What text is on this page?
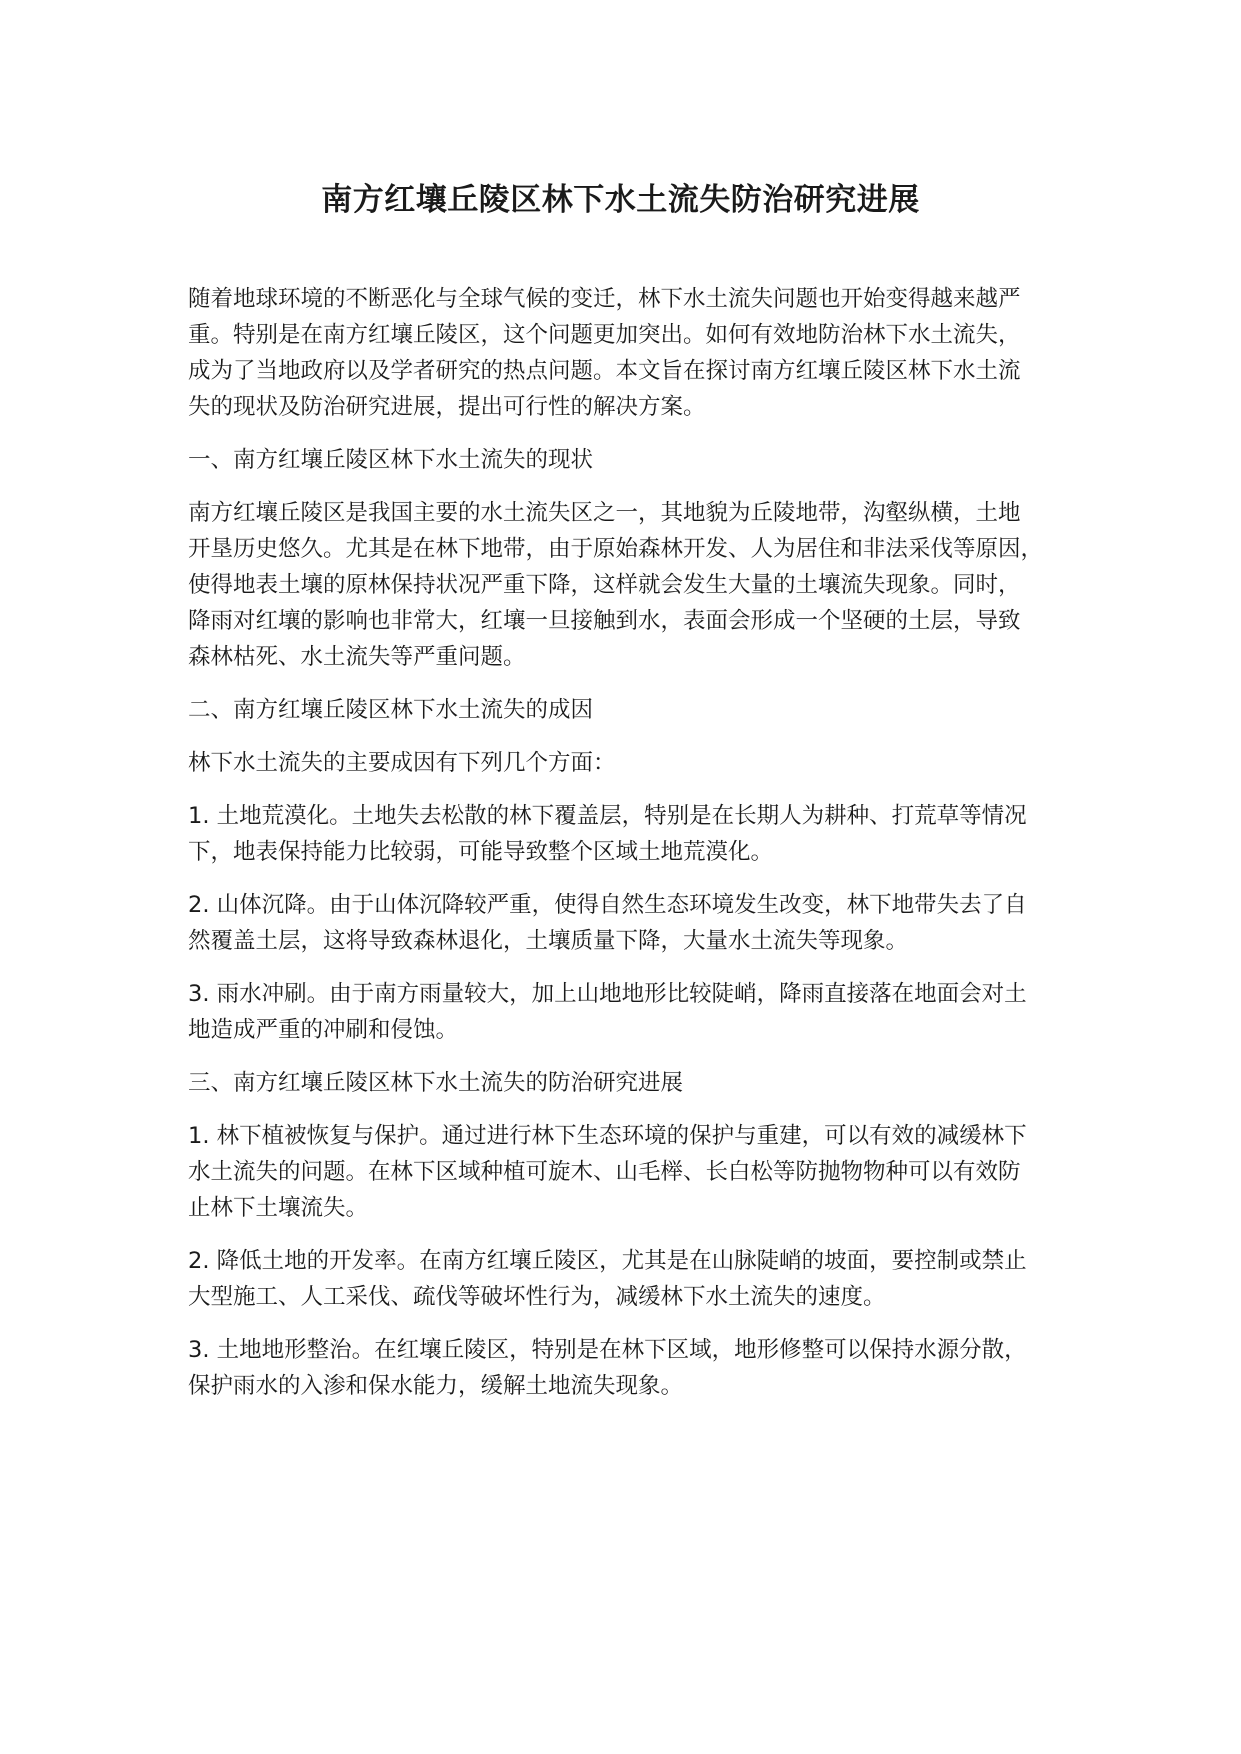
南方红壤丘陵区林下水土流失防治研究进展
随着地球环境的不断恶化与全球气候的变迁，林下水土流失问题也开始变得越来越严
重。特别是在南方红壤丘陵区，这个问题更加突出。如何有效地防治林下水土流失，
成为了当地政府以及学者研究的热点问题。本文旨在探讨南方红壤丘陵区林下水土流
失的现状及防治研究进展，提出可行性的解决方案。
一、南方红壤丘陵区林下水土流失的现状
南方红壤丘陵区是我国主要的水土流失区之一，其地貌为丘陵地带，沟壑纵横，土地
开垦历史悠久。尤其是在林下地带，由于原始森林开发、人为居住和非法采伐等原因，
使得地表土壤的原林保持状况严重下降，这样就会发生大量的土壤流失现象。同时，
降雨对红壤的影响也非常大，红壤一旦接触到水，表面会形成一个坚硬的土层，导致
森林枯死、水土流失等严重问题。
二、南方红壤丘陵区林下水土流失的成因
林下水土流失的主要成因有下列几个方面：
1. 土地荒漠化。土地失去松散的林下覆盖层，特别是在长期人为耕种、打荒草等情况
下，地表保持能力比较弱，可能导致整个区域土地荒漠化。
2. 山体沉降。由于山体沉降较严重，使得自然生态环境发生改变，林下地带失去了自
然覆盖土层，这将导致森林退化，土壤质量下降，大量水土流失等现象。
3. 雨水冲刷。由于南方雨量较大，加上山地地形比较陡峭，降雨直接落在地面会对土
地造成严重的冲刷和侵蚀。
三、南方红壤丘陵区林下水土流失的防治研究进展
1. 林下植被恢复与保护。通过进行林下生态环境的保护与重建，可以有效的减缓林下
水土流失的问题。在林下区域种植可旋木、山毛榉、长白松等防抛物物种可以有效防
止林下土壤流失。
2. 降低土地的开发率。在南方红壤丘陵区，尤其是在山脉陡峭的坡面，要控制或禁止
大型施工、人工采伐、疏伐等破坏性行为，减缓林下水土流失的速度。
3. 土地地形整治。在红壤丘陵区，特别是在林下区域，地形修整可以保持水源分散，
保护雨水的入渗和保水能力，缓解土地流失现象。
